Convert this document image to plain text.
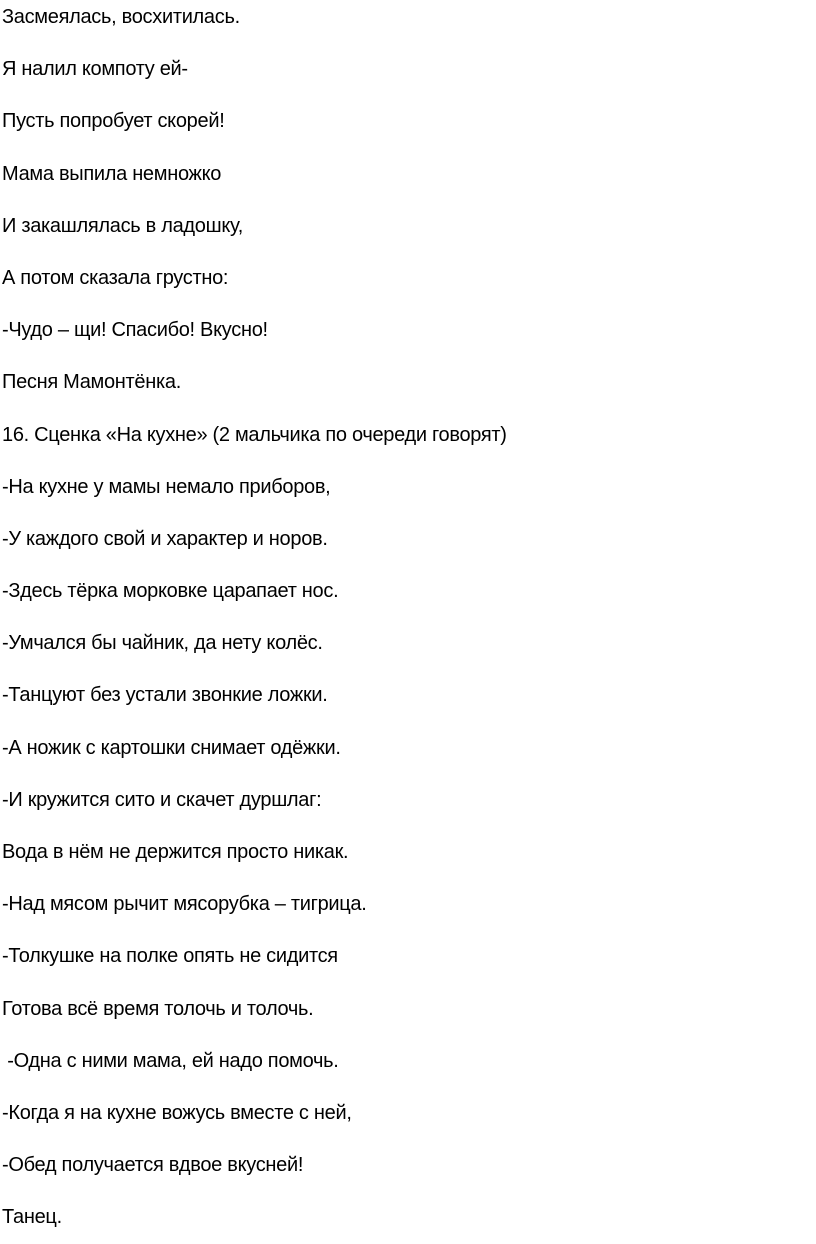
Засмеялась, восхитилась.
Я налил компоту ей-
Пусть попробует скорей!
Мама выпила немножко
И закашлялась в ладошку,
А потом сказала грустно:
-Чудо – щи! Спасибо! Вкусно!
Песня Мамонтёнка.
16. Сценка «На кухне» (2 мальчика по очереди говорят)
-На кухне у мамы немало приборов,
-У каждого свой и характер и норов.
-Здесь тёрка морковке царапает нос.
-Умчался бы чайник, да нету колёс.
-Танцуют без устали звонкие ложки.
-А ножик с картошки снимает одёжки.
-И кружится сито и скачет дуршлаг:
Вода в нём не держится просто никак.
-Над мясом рычит мясорубка – тигрица.
-Толкушке на полке опять не сидится
Готова всё время толочь и толочь.
-Одна с ними мама, ей надо помочь.
-Когда я на кухне вожусь вместе с ней,
-Обед получается вдвое вкусней!
Танец.
